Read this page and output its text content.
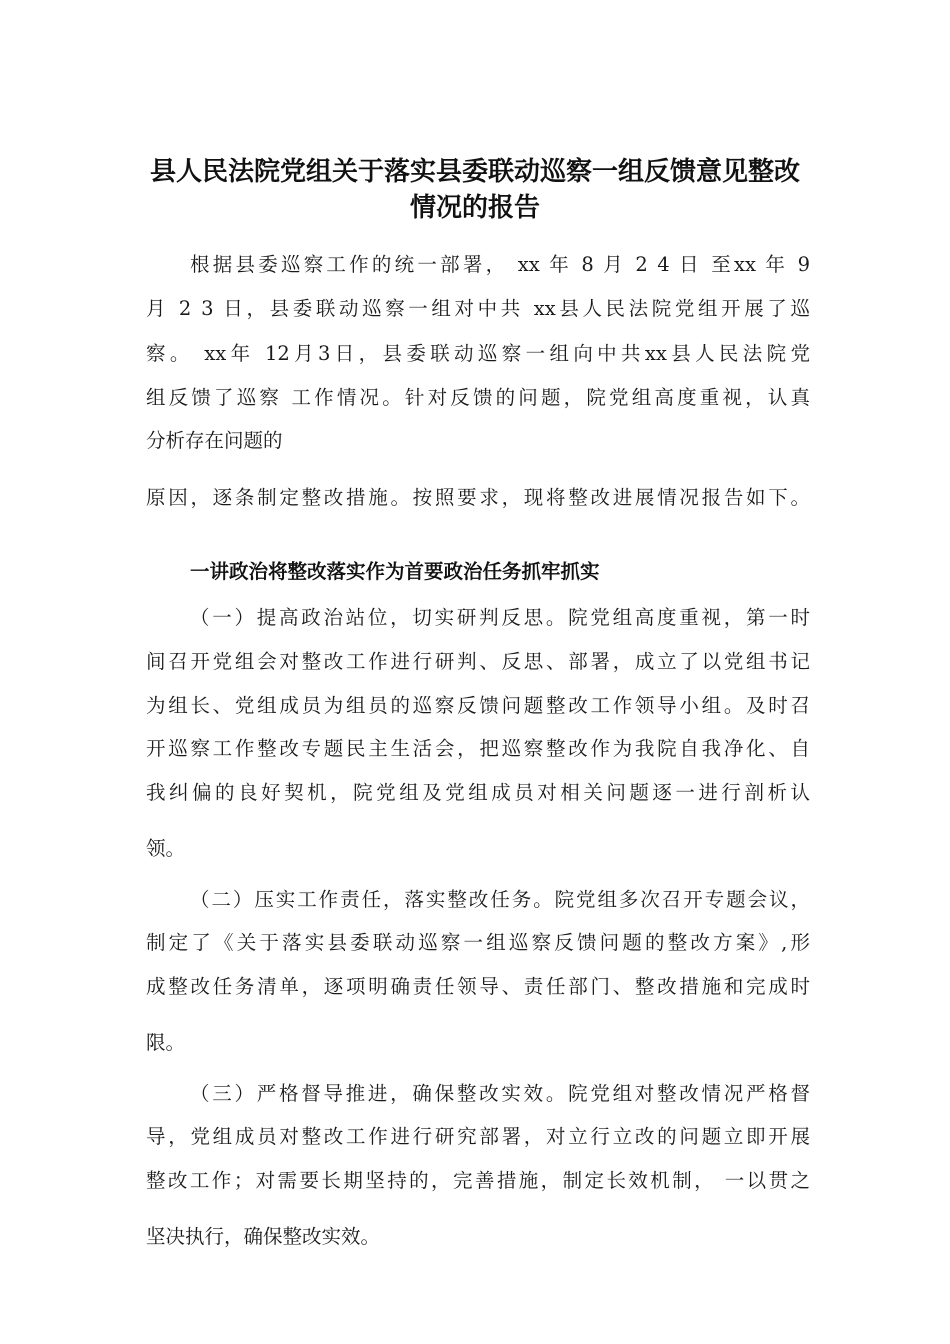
县人民法院党组关于落实县委联动巡察一组反馈意见整改
情况的报告
根据县委巡察工作的统一部署， xx 年 8 月 2 4 日 至xx 年 9
月 2 3 日，县委联动巡察一组对中共 xx县人民法院党组开展了巡
察。 xx年 12月3日，县委联动巡察一组向中共xx县人民法院党
组反馈了巡察 工作情况。针对反馈的问题，院党组高度重视，认真
分析存在问题的
原因，逐条制定整改措施。按照要求，现将整改进展情况报告如下。
一讲政治将整改落实作为首要政治任务抓牢抓实
（一）提高政治站位，切实研判反思。院党组高度重视，第一时
间召开党组会对整改工作进行研判、反思、部署，成立了以党组书记
为组长、党组成员为组员的巡察反馈问题整改工作领导小组。及时召
开巡察工作整改专题民主生活会，把巡察整改作为我院自我净化、自
我纠偏的良好契机，院党组及党组成员对相关问题逐一进行剖析认
领。
（二）压实工作责任，落实整改任务。院党组多次召开专题会议，
制定了《关于落实县委联动巡察一组巡察反馈问题的整改方案》,形
成整改任务清单，逐项明确责任领导、责任部门、整改措施和完成时
限。
（三）严格督导推进，确保整改实效。院党组对整改情况严格督
导，党组成员对整改工作进行研究部署，对立行立改的问题立即开展
整改工作；对需要长期坚持的，完善措施，制定长效机制， 一以贯之
坚决执行，确保整改实效。
